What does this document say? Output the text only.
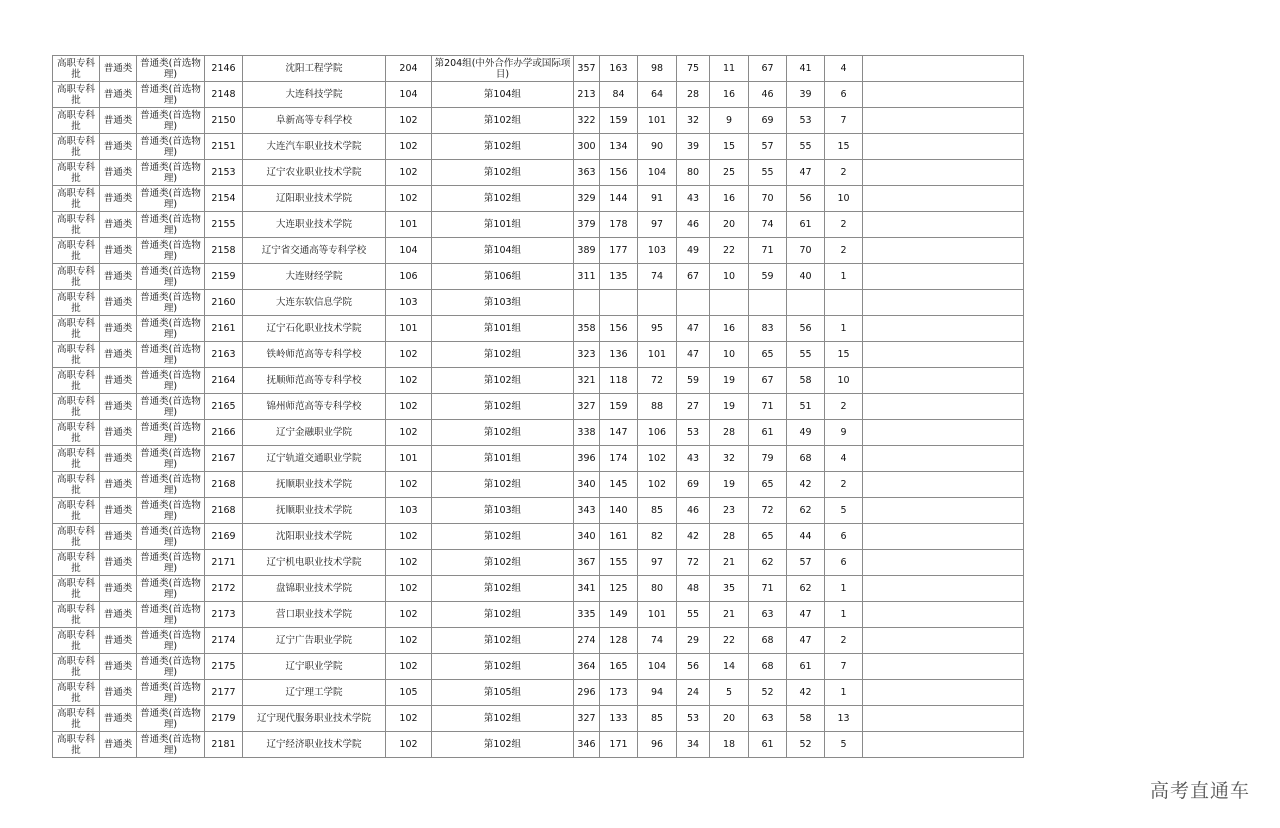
高职专科批	普通类	普通类(首选物理)	2146	沈阳工程学院	204	第204组(中外合作办学或国际项目)	357	163	98	75	11	67	41	4	
高职专科批	普通类	普通类(首选物理)	2148	大连科技学院	104	第104组	213	84	64	28	16	46	39	6	
高职专科批	普通类	普通类(首选物理)	2150	阜新高等专科学校	102	第102组	322	159	101	32	9	69	53	7	
高职专科批	普通类	普通类(首选物理)	2151	大连汽车职业技术学院	102	第102组	300	134	90	39	15	57	55	15	
高职专科批	普通类	普通类(首选物理)	2153	辽宁农业职业技术学院	102	第102组	363	156	104	80	25	55	47	2	
高职专科批	普通类	普通类(首选物理)	2154	辽阳职业技术学院	102	第102组	329	144	91	43	16	70	56	10	
高职专科批	普通类	普通类(首选物理)	2155	大连职业技术学院	101	第101组	379	178	97	46	20	74	61	2	
高职专科批	普通类	普通类(首选物理)	2158	辽宁省交通高等专科学校	104	第104组	389	177	103	49	22	71	70	2	
高职专科批	普通类	普通类(首选物理)	2159	大连财经学院	106	第106组	311	135	74	67	10	59	40	1	
高职专科批	普通类	普通类(首选物理)	2160	大连东软信息学院	103	第103组									
高职专科批	普通类	普通类(首选物理)	2161	辽宁石化职业技术学院	101	第101组	358	156	95	47	16	83	56	1	
高职专科批	普通类	普通类(首选物理)	2163	铁岭师范高等专科学校	102	第102组	323	136	101	47	10	65	55	15	
高职专科批	普通类	普通类(首选物理)	2164	抚顺师范高等专科学校	102	第102组	321	118	72	59	19	67	58	10	
高职专科批	普通类	普通类(首选物理)	2165	锦州师范高等专科学校	102	第102组	327	159	88	27	19	71	51	2	
高职专科批	普通类	普通类(首选物理)	2166	辽宁金融职业学院	102	第102组	338	147	106	53	28	61	49	9	
高职专科批	普通类	普通类(首选物理)	2167	辽宁轨道交通职业学院	101	第101组	396	174	102	43	32	79	68	4	
高职专科批	普通类	普通类(首选物理)	2168	抚顺职业技术学院	102	第102组	340	145	102	69	19	65	42	2	
高职专科批	普通类	普通类(首选物理)	2168	抚顺职业技术学院	103	第103组	343	140	85	46	23	72	62	5	
高职专科批	普通类	普通类(首选物理)	2169	沈阳职业技术学院	102	第102组	340	161	82	42	28	65	44	6	
高职专科批	普通类	普通类(首选物理)	2171	辽宁机电职业技术学院	102	第102组	367	155	97	72	21	62	57	6	
高职专科批	普通类	普通类(首选物理)	2172	盘锦职业技术学院	102	第102组	341	125	80	48	35	71	62	1	
高职专科批	普通类	普通类(首选物理)	2173	营口职业技术学院	102	第102组	335	149	101	55	21	63	47	1	
高职专科批	普通类	普通类(首选物理)	2174	辽宁广告职业学院	102	第102组	274	128	74	29	22	68	47	2	
高职专科批	普通类	普通类(首选物理)	2175	辽宁职业学院	102	第102组	364	165	104	56	14	68	61	7	
高职专科批	普通类	普通类(首选物理)	2177	辽宁理工学院	105	第105组	296	173	94	24	5	52	42	1	
高职专科批	普通类	普通类(首选物理)	2179	辽宁现代服务职业技术学院	102	第102组	327	133	85	53	20	63	58	13	
高职专科批	普通类	普通类(首选物理)	2181	辽宁经济职业技术学院	102	第102组	346	171	96	34	18	61	52	5	
高考直通车
